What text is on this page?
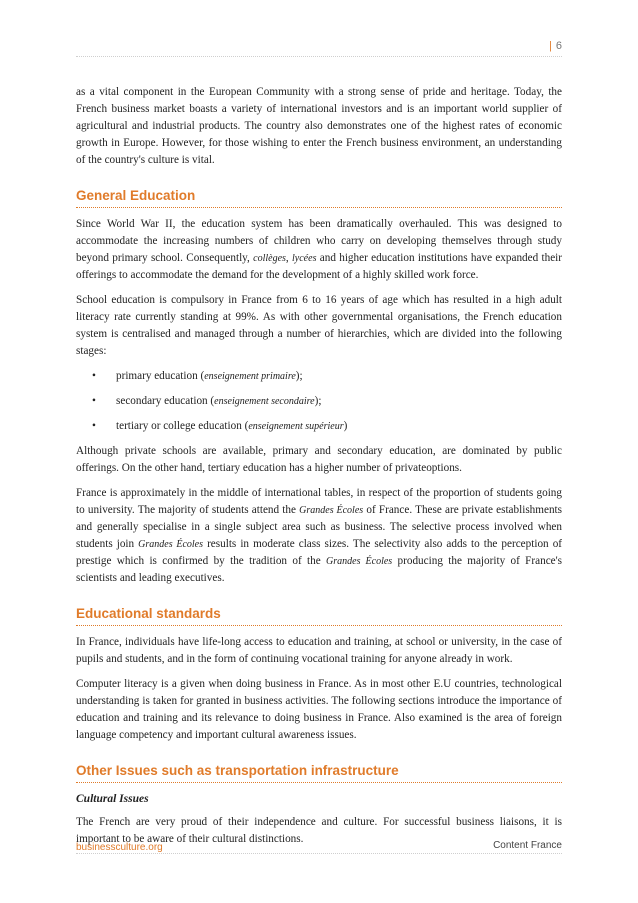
| 6

as a vital component in the European Community with a strong sense of pride and heritage. Today, the French business market boasts a variety of international investors and is an important world supplier of agricultural and industrial products. The country also demonstrates one of the highest rates of economic growth in Europe. However, for those wishing to enter the French business environment, an understanding of the country's culture is vital.

General Education

Since World War II, the education system has been dramatically overhauled. This was designed to accommodate the increasing numbers of children who carry on developing themselves through study beyond primary school. Consequently, collèges, lycées and higher education institutions have expanded their offerings to accommodate the demand for the development of a highly skilled work force.

School education is compulsory in France from 6 to 16 years of age which has resulted in a high adult literacy rate currently standing at 99%. As with other governmental organisations, the French education system is centralised and managed through a number of hierarchies, which are divided into the following stages:

• primary education (enseignement primaire);
• secondary education (enseignement secondaire);
• tertiary or college education (enseignement supérieur)

Although private schools are available, primary and secondary education, are dominated by public offerings. On the other hand, tertiary education has a higher number of privateoptions.

France is approximately in the middle of international tables, in respect of the proportion of students going to university. The majority of students attend the Grandes Écoles of France. These are private establishments and generally specialise in a single subject area such as business. The selective process involved when students join Grandes Écoles results in moderate class sizes. The selectivity also adds to the perception of prestige which is confirmed by the tradition of the Grandes Écoles producing the majority of France's scientists and leading executives.

Educational standards

In France, individuals have life-long access to education and training, at school or university, in the case of pupils and students, and in the form of continuing vocational training for anyone already in work.

Computer literacy is a given when doing business in France. As in most other E.U countries, technological understanding is taken for granted in business activities. The following sections introduce the importance of education and training and its relevance to doing business in France. Also examined is the area of foreign language competency and important cultural awareness issues.

Other Issues such as transportation infrastructure
Cultural Issues

The French are very proud of their independence and culture. For successful business liaisons, it is important to be aware of their cultural distinctions.

businessculture.org	Content France
